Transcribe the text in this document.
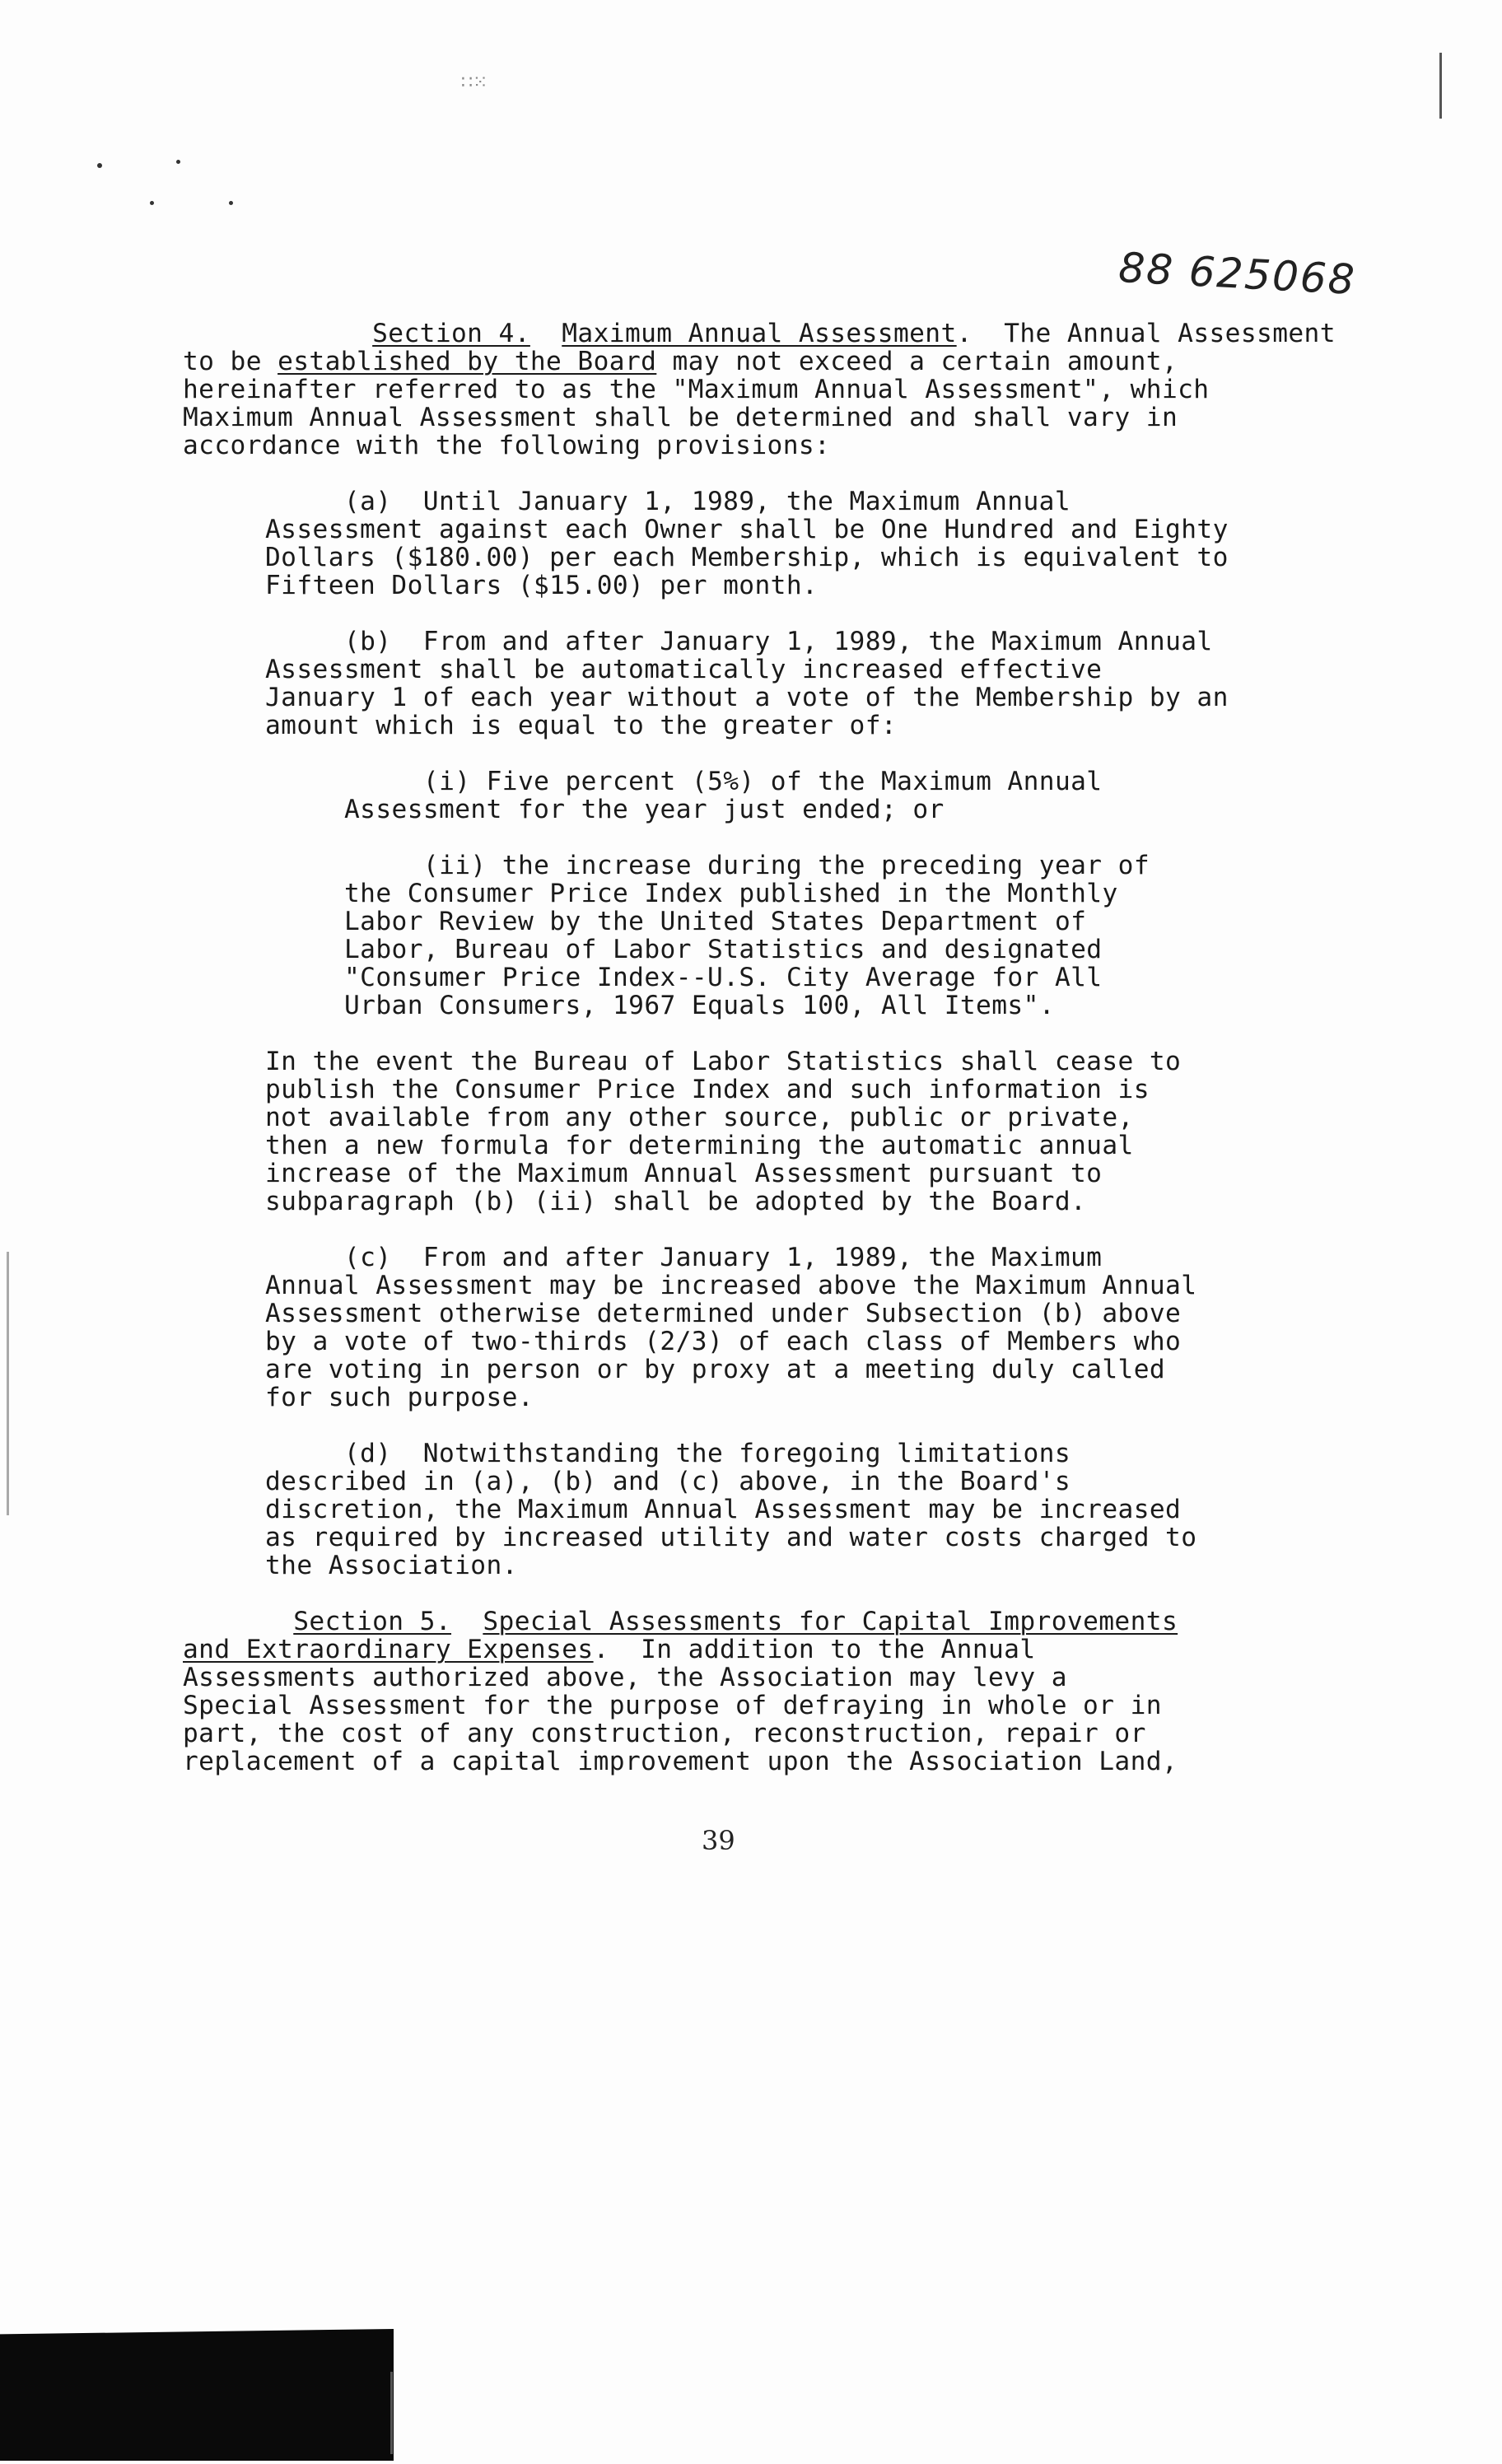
∷⁙
88 625068
Section 4. Maximum Annual Assessment.  The Annual Assessment
to be established by the Board may not exceed a certain amount,
hereinafter referred to as the "Maximum Annual Assessment", which
Maximum Annual Assessment shall be determined and shall vary in
accordance with the following provisions:
(a)  Until January 1, 1989, the Maximum Annual
Assessment against each Owner shall be One Hundred and Eighty
Dollars ($180.00) per each Membership, which is equivalent to
Fifteen Dollars ($15.00) per month.
(b)  From and after January 1, 1989, the Maximum Annual
Assessment shall be automatically increased effective
January 1 of each year without a vote of the Membership by an
amount which is equal to the greater of:
(i) Five percent (5%) of the Maximum Annual
Assessment for the year just ended; or
(ii) the increase during the preceding year of
the Consumer Price Index published in the Monthly
Labor Review by the United States Department of
Labor, Bureau of Labor Statistics and designated
"Consumer Price Index--U.S. City Average for All
Urban Consumers, 1967 Equals 100, All Items".
In the event the Bureau of Labor Statistics shall cease to
publish the Consumer Price Index and such information is
not available from any other source, public or private,
then a new formula for determining the automatic annual
increase of the Maximum Annual Assessment pursuant to
subparagraph (b) (ii) shall be adopted by the Board.
(c)  From and after January 1, 1989, the Maximum
Annual Assessment may be increased above the Maximum Annual
Assessment otherwise determined under Subsection (b) above
by a vote of two-thirds (2/3) of each class of Members who
are voting in person or by proxy at a meeting duly called
for such purpose.
(d)  Notwithstanding the foregoing limitations
described in (a), (b) and (c) above, in the Board's
discretion, the Maximum Annual Assessment may be increased
as required by increased utility and water costs charged to
the Association.
Section 5. Special Assessments for Capital Improvements
and Extraordinary Expenses.  In addition to the Annual
Assessments authorized above, the Association may levy a
Special Assessment for the purpose of defraying in whole or in
part, the cost of any construction, reconstruction, repair or
replacement of a capital improvement upon the Association Land,
39
